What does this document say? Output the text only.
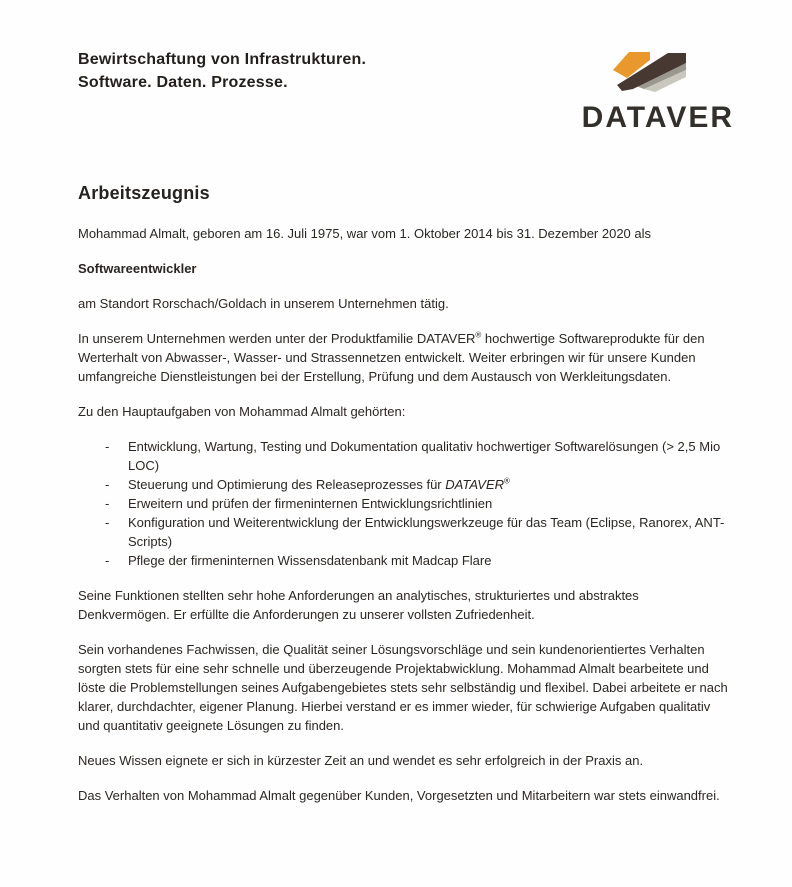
Bewirtschaftung von Infrastrukturen.
Software. Daten. Prozesse.
DATAVER
Arbeitszeugnis

Mohammad Almalt, geboren am 16. Juli 1975, war vom 1. Oktober 2014 bis 31. Dezember 2020 als

Softwareentwickler

am Standort Rorschach/Goldach in unserem Unternehmen tätig.

In unserem Unternehmen werden unter der Produktfamilie DATAVER® hochwertige Softwareprodukte für den Werterhalt von Abwasser-, Wasser- und Strassennetzen entwickelt. Weiter erbringen wir für unsere Kunden umfangreiche Dienstleistungen bei der Erstellung, Prüfung und dem Austausch von Werkleitungsdaten.

Zu den Hauptaufgaben von Mohammad Almalt gehörten:

-	Entwicklung, Wartung, Testing und Dokumentation qualitativ hochwertiger Softwarelösungen (> 2,5 Mio LOC)
-	Steuerung und Optimierung des Releaseprozesses für DATAVER®
-	Erweitern und prüfen der firmeninternen Entwicklungsrichtlinien
-	Konfiguration und Weiterentwicklung der Entwicklungswerkzeuge für das Team (Eclipse, Ranorex, ANT-Scripts)
-	Pflege der firmeninternen Wissensdatenbank mit Madcap Flare

Seine Funktionen stellten sehr hohe Anforderungen an analytisches, strukturiertes und abstraktes Denkvermögen. Er erfüllte die Anforderungen zu unserer vollsten Zufriedenheit.

Sein vorhandenes Fachwissen, die Qualität seiner Lösungsvorschläge und sein kundenorientiertes Verhalten sorgten stets für eine sehr schnelle und überzeugende Projektabwicklung. Mohammad Almalt bearbeitete und löste die Problemstellungen seines Aufgabengebietes stets sehr selbständig und flexibel. Dabei arbeitete er nach klarer, durchdachter, eigener Planung. Hierbei verstand er es immer wieder, für schwierige Aufgaben qualitativ und quantitativ geeignete Lösungen zu finden.

Neues Wissen eignete er sich in kürzester Zeit an und wendet es sehr erfolgreich in der Praxis an.

Das Verhalten von Mohammad Almalt gegenüber Kunden, Vorgesetzten und Mitarbeitern war stets einwandfrei.
